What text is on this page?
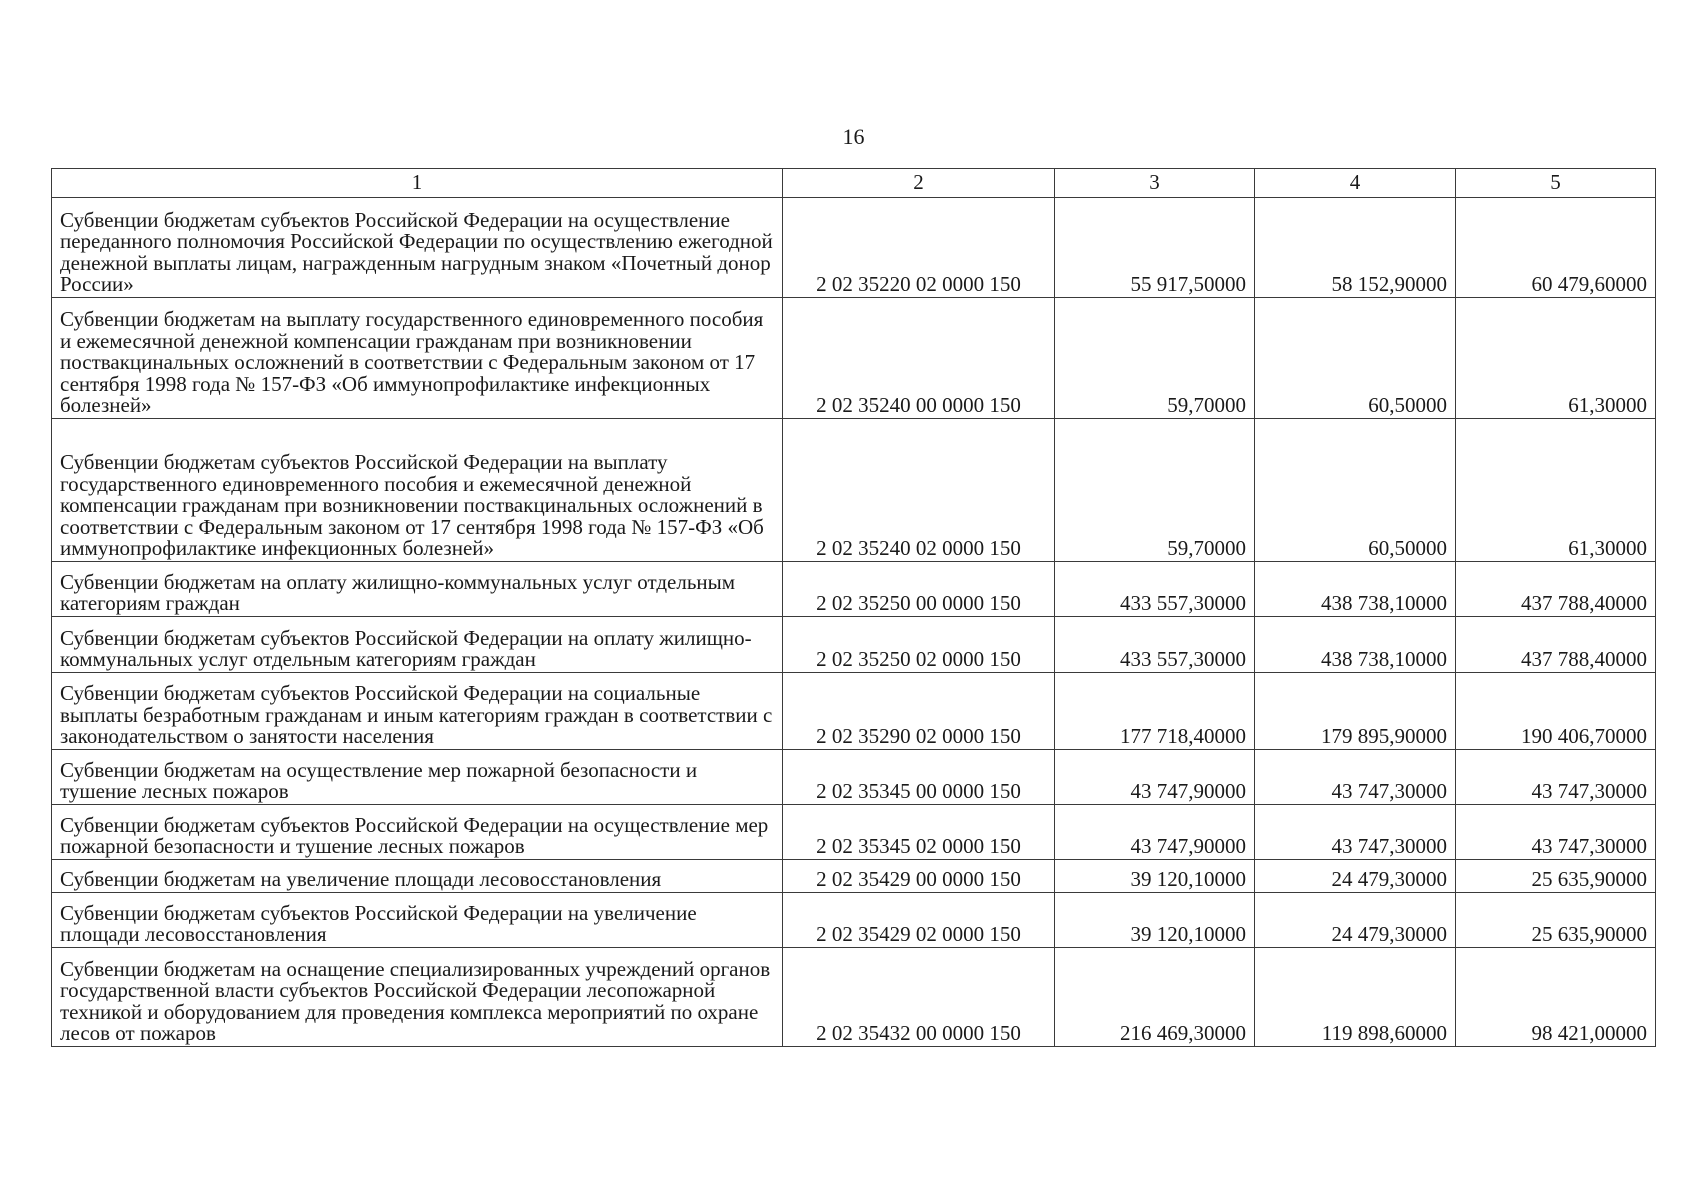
16
1	2	3	4	5
Субвенции бюджетам субъектов Российской Федерации на осуществление переданного полномочия Российской Федерации по осуществлению ежегодной денежной выплаты лицам, награжденным нагрудным знаком «Почетный донор России»	2 02 35220 02 0000 150	55 917,50000	58 152,90000	60 479,60000
Субвенции бюджетам на выплату государственного единовременного пособия и ежемесячной денежной компенсации гражданам при возникновении поствакцинальных осложнений в соответствии с Федеральным законом от 17 сентября 1998 года № 157-ФЗ «Об иммунопрофилактике инфекционных болезней»	2 02 35240 00 0000 150	59,70000	60,50000	61,30000
Субвенции бюджетам субъектов Российской Федерации на выплату государственного единовременного пособия и ежемесячной денежной компенсации гражданам при возникновении поствакцинальных осложнений в соответствии с Федеральным законом от 17 сентября 1998 года № 157-ФЗ «Об иммунопрофилактике инфекционных болезней»	2 02 35240 02 0000 150	59,70000	60,50000	61,30000
Субвенции бюджетам на оплату жилищно-коммунальных услуг отдельным категориям граждан	2 02 35250 00 0000 150	433 557,30000	438 738,10000	437 788,40000
Субвенции бюджетам субъектов Российской Федерации на оплату жилищно-коммунальных услуг отдельным категориям граждан	2 02 35250 02 0000 150	433 557,30000	438 738,10000	437 788,40000
Субвенции бюджетам субъектов Российской Федерации на социальные выплаты безработным гражданам и иным категориям граждан в соответствии с законодательством о занятости населения	2 02 35290 02 0000 150	177 718,40000	179 895,90000	190 406,70000
Субвенции бюджетам на осуществление мер пожарной безопасности и тушение лесных пожаров	2 02 35345 00 0000 150	43 747,90000	43 747,30000	43 747,30000
Субвенции бюджетам субъектов Российской Федерации на осуществление мер пожарной безопасности и тушение лесных пожаров	2 02 35345 02 0000 150	43 747,90000	43 747,30000	43 747,30000
Субвенции бюджетам на увеличение площади лесовосстановления	2 02 35429 00 0000 150	39 120,10000	24 479,30000	25 635,90000
Субвенции бюджетам субъектов Российской Федерации на увеличение площади лесовосстановления	2 02 35429 02 0000 150	39 120,10000	24 479,30000	25 635,90000
Субвенции бюджетам на оснащение специализированных учреждений органов государственной власти субъектов Российской Федерации лесопожарной техникой и оборудованием для проведения комплекса мероприятий по охране лесов от пожаров	2 02 35432 00 0000 150	216 469,30000	119 898,60000	98 421,00000
